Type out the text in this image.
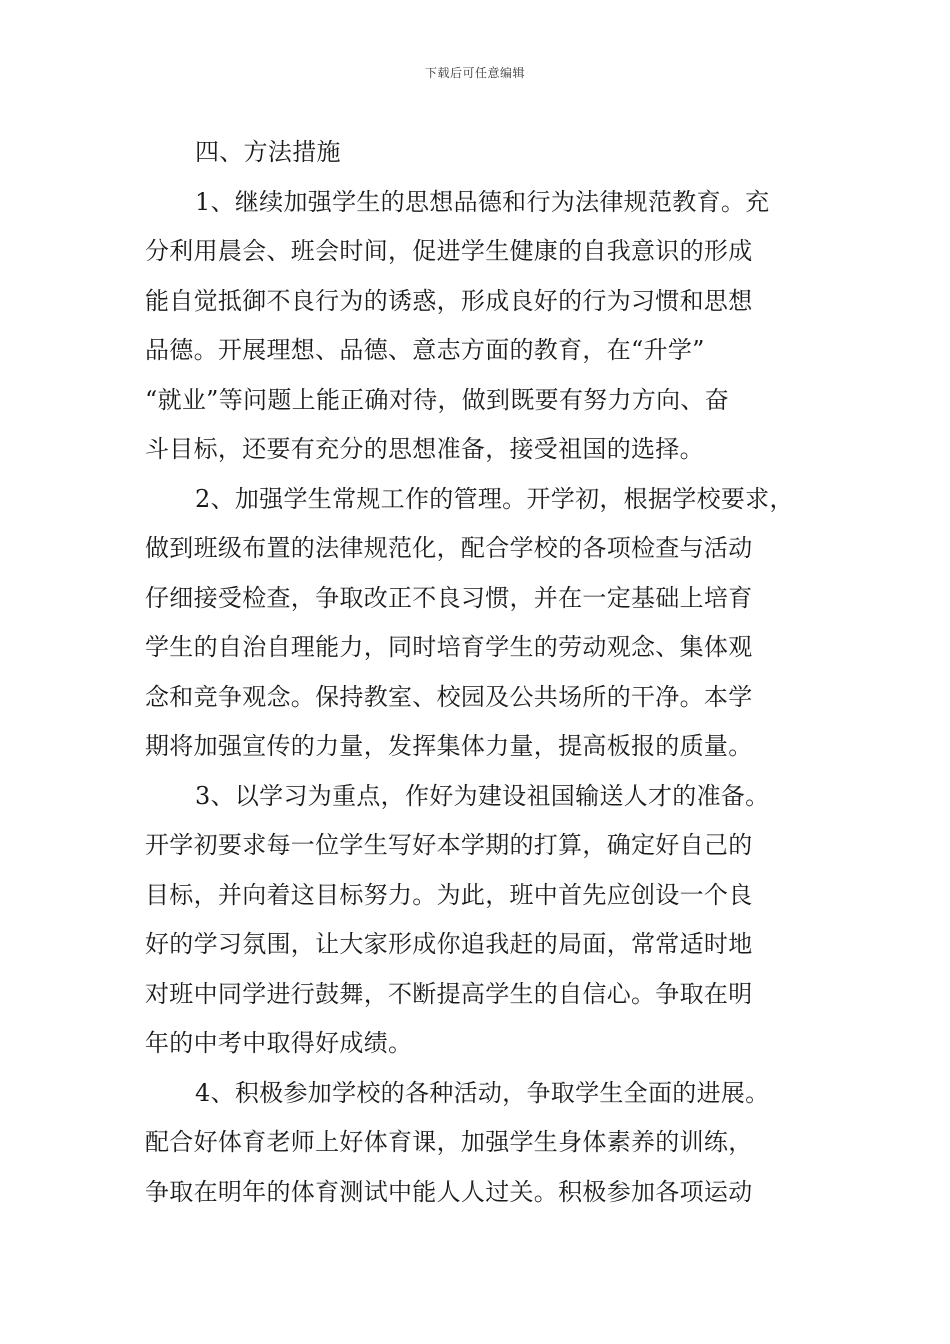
下载后可任意编辑
四、方法措施
1、继续加强学生的思想品德和行为法律规范教育。充
分利用晨会、班会时间，促进学生健康的自我意识的形成
能自觉抵御不良行为的诱惑，形成良好的行为习惯和思想
品德。开展理想、品德、意志方面的教育，在“升学”
“就业”等问题上能正确对待，做到既要有努力方向、奋
斗目标，还要有充分的思想准备，接受祖国的选择。
2、加强学生常规工作的管理。开学初，根据学校要求，
做到班级布置的法律规范化，配合学校的各项检查与活动
仔细接受检查，争取改正不良习惯，并在一定基础上培育
学生的自治自理能力，同时培育学生的劳动观念、集体观
念和竞争观念。保持教室、校园及公共场所的干净。本学
期将加强宣传的力量，发挥集体力量，提高板报的质量。
3、以学习为重点，作好为建设祖国输送人才的准备。
开学初要求每一位学生写好本学期的打算，确定好自己的
目标，并向着这目标努力。为此，班中首先应创设一个良
好的学习氛围，让大家形成你追我赶的局面，常常适时地
对班中同学进行鼓舞，不断提高学生的自信心。争取在明
年的中考中取得好成绩。
4、积极参加学校的各种活动，争取学生全面的进展。
配合好体育老师上好体育课，加强学生身体素养的训练，
争取在明年的体育测试中能人人过关。积极参加各项运动
